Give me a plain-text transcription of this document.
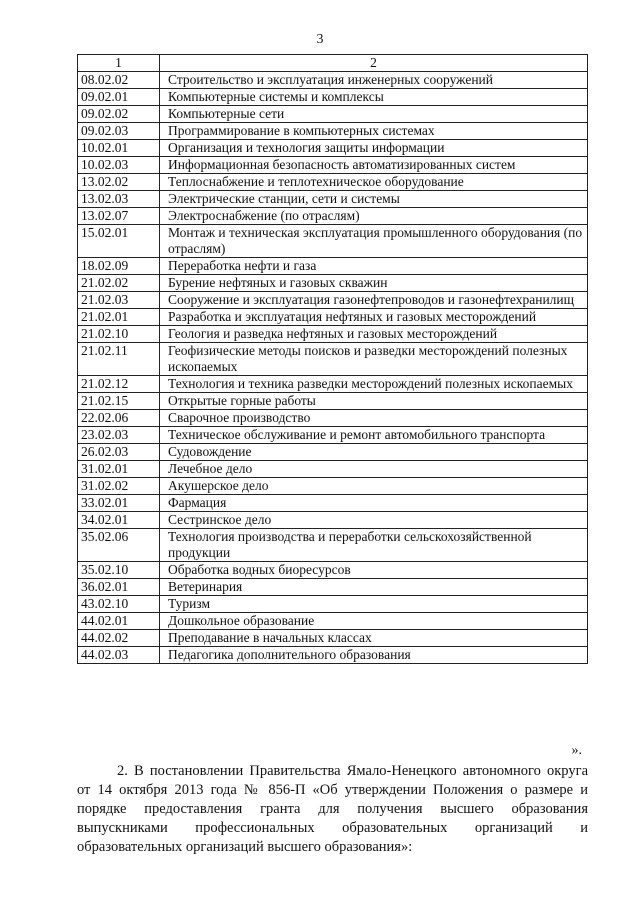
3
1	2
08.02.02	Строительство и эксплуатация инженерных сооружений
09.02.01	Компьютерные системы и комплексы
09.02.02	Компьютерные сети
09.02.03	Программирование в компьютерных системах
10.02.01	Организация и технология защиты информации
10.02.03	Информационная безопасность автоматизированных систем
13.02.02	Теплоснабжение и теплотехническое оборудование
13.02.03	Электрические станции, сети и системы
13.02.07	Электроснабжение (по отраслям)
15.02.01	Монтаж и техническая эксплуатация промышленного оборудования (по отраслям)
18.02.09	Переработка нефти и газа
21.02.02	Бурение нефтяных и газовых скважин
21.02.03	Сооружение и эксплуатация газонефтепроводов и газонефтехранилищ
21.02.01	Разработка и эксплуатация нефтяных и газовых месторождений
21.02.10	Геология и разведка нефтяных и газовых месторождений
21.02.11	Геофизические методы поисков и разведки месторождений полезных ископаемых
21.02.12	Технология и техника разведки месторождений полезных ископаемых
21.02.15	Открытые горные работы
22.02.06	Сварочное производство
23.02.03	Техническое обслуживание и ремонт автомобильного транспорта
26.02.03	Судовождение
31.02.01	Лечебное дело
31.02.02	Акушерское дело
33.02.01	Фармация
34.02.01	Сестринское дело
35.02.06	Технология производства и переработки сельскохозяйственной продукции
35.02.10	Обработка водных биоресурсов
36.02.01	Ветеринария
43.02.10	Туризм
44.02.01	Дошкольное образование
44.02.02	Преподавание в начальных классах
44.02.03	Педагогика дополнительного образования
».

2. В постановлении Правительства Ямало-Ненецкого автономного округа от 14 октября 2013 года № 856-П «Об утверждении Положения о размере и порядке предоставления гранта для получения высшего образования выпускниками профессиональных образовательных организаций и образовательных организаций высшего образования»:
